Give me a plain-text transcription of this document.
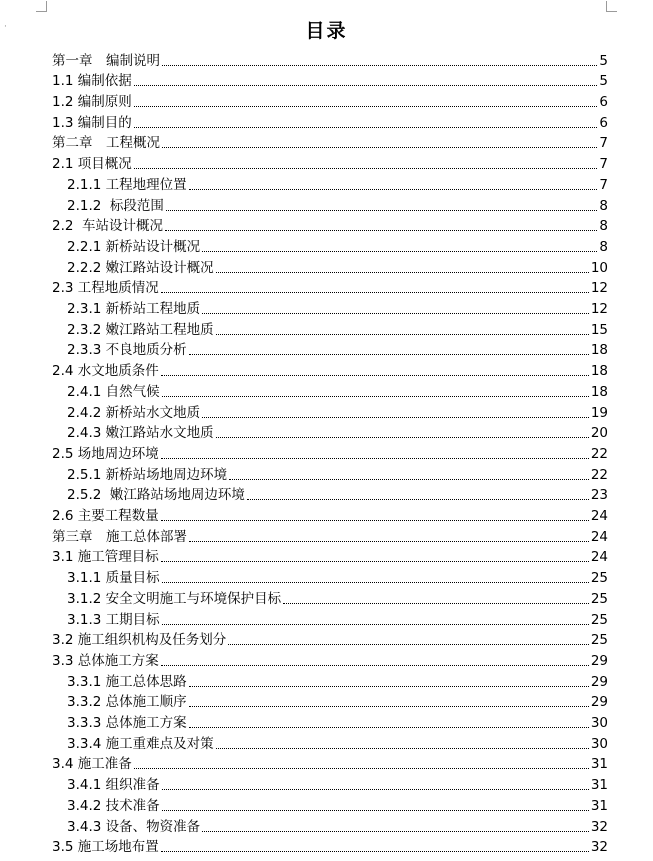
·	目录
第一章　编制说明	5
1.1 编制依据	5
1.2 编制原则	6
1.3 编制目的	6
第二章　工程概况	7
2.1 项目概况	7
2.1.1 工程地理位置	7
2.1.2  标段范围	8
2.2  车站设计概况	8
2.2.1 新桥站设计概况	8
2.2.2 嫩江路站设计概况	10
2.3 工程地质情况	12
2.3.1 新桥站工程地质	12
2.3.2 嫩江路站工程地质	15
2.3.3 不良地质分析	18
2.4 水文地质条件	18
2.4.1 自然气候	18
2.4.2 新桥站水文地质	19
2.4.3 嫩江路站水文地质	20
2.5 场地周边环境	22
2.5.1 新桥站场地周边环境	22
2.5.2  嫩江路站场地周边环境	23
2.6 主要工程数量	24
第三章　施工总体部署	24
3.1 施工管理目标	24
3.1.1 质量目标	25
3.1.2 安全文明施工与环境保护目标	25
3.1.3 工期目标	25
3.2 施工组织机构及任务划分	25
3.3 总体施工方案	29
3.3.1 施工总体思路	29
3.3.2 总体施工顺序	29
3.3.3 总体施工方案	30
3.3.4 施工重难点及对策	30
3.4 施工准备	31
3.4.1 组织准备	31
3.4.2 技术准备	31
3.4.3 设备、物资准备	32
3.5 施工场地布置	32
